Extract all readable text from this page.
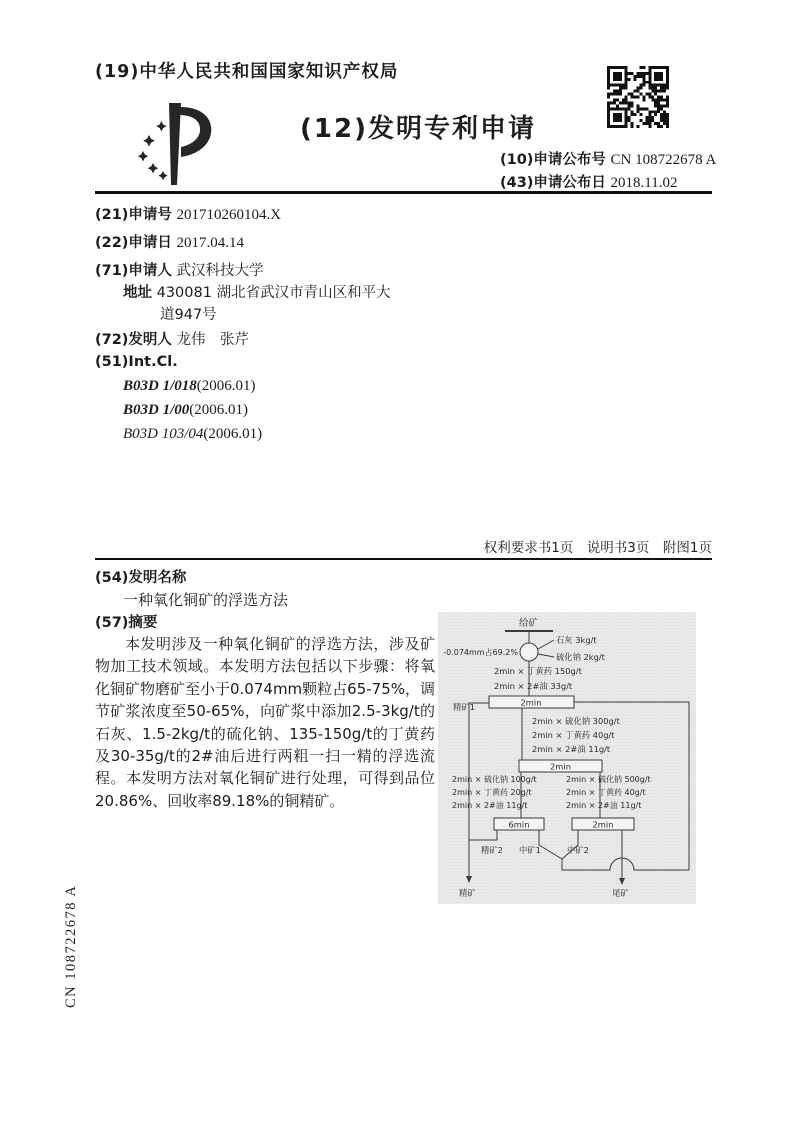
(19)中华人民共和国国家知识产权局
(12)发明专利申请
(10)申请公布号 CN 108722678 A
(43)申请公布日 2018.11.02
(21)申请号 201710260104.X
(22)申请日 2017.04.14
(71)申请人 武汉科技大学
地址 430081 湖北省武汉市青山区和平大
道947号
(72)发明人 龙伟　张芹
(51)Int.Cl.
B03D 1/018(2006.01)
B03D 1/00(2006.01)
B03D 103/04(2006.01)
权利要求书1页　说明书3页　附图1页
(54)发明名称
一种氧化铜矿的浮选方法
(57)摘要

本发明涉及一种氧化铜矿的浮选方法，涉及矿物加工技术领域。本发明方法包括以下步骤：将氧化铜矿物磨矿至小于0.074mm颗粒占65-75%，调节矿浆浓度至50-65%，向矿浆中添加2.5-3kg/t的石灰、1.5-2kg/t的硫化钠、135-150g/t的丁黄药及30-35g/t的2#油后进行两粗一扫一精的浮选流程。本发明方法对氧化铜矿进行处理，可得到品位20.86%、回收率89.18%的铜精矿。

给矿
-0.074mm占69.2%
石灰 3kg/t
硫化钠 2kg/t
2min × 丁黄药 150g/t
2min × 2#油 33g/t
2min
精矿1
2min × 硫化钠 300g/t
2min × 丁黄药 40g/t
2min × 2#油 11g/t
2min
2min × 硫化钠 100g/t
2min × 丁黄药 20g/t
2min × 2#油 11g/t
2min × 硫化钠 500g/t
2min × 丁黄药 40g/t
2min × 2#油 11g/t
6min	2min
精矿2 中矿1	中矿2
尾矿
精矿
CN 108722678 A
